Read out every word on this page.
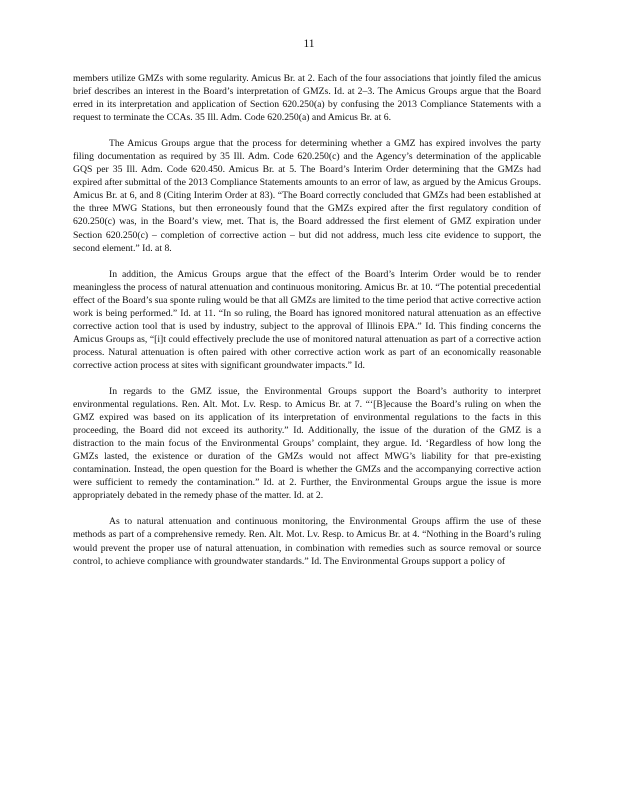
11

members utilize GMZs with some regularity. Amicus Br. at 2. Each of the four associations that jointly filed the amicus brief describes an interest in the Board’s interpretation of GMZs. Id. at 2–3. The Amicus Groups argue that the Board erred in its interpretation and application of Section 620.250(a) by confusing the 2013 Compliance Statements with a request to terminate the CCAs. 35 Ill. Adm. Code 620.250(a) and Amicus Br. at 6.

The Amicus Groups argue that the process for determining whether a GMZ has expired involves the party filing documentation as required by 35 Ill. Adm. Code 620.250(c) and the Agency’s determination of the applicable GQS per 35 Ill. Adm. Code 620.450. Amicus Br. at 5. The Board’s Interim Order determining that the GMZs had expired after submittal of the 2013 Compliance Statements amounts to an error of law, as argued by the Amicus Groups. Amicus Br. at 6, and 8 (Citing Interim Order at 83). “The Board correctly concluded that GMZs had been established at the three MWG Stations, but then erroneously found that the GMZs expired after the first regulatory condition of 620.250(c) was, in the Board’s view, met. That is, the Board addressed the first element of GMZ expiration under Section 620.250(c) – completion of corrective action – but did not address, much less cite evidence to support, the second element.” Id. at 8.

In addition, the Amicus Groups argue that the effect of the Board’s Interim Order would be to render meaningless the process of natural attenuation and continuous monitoring. Amicus Br. at 10. “The potential precedential effect of the Board’s sua sponte ruling would be that all GMZs are limited to the time period that active corrective action work is being performed.” Id. at 11. “In so ruling, the Board has ignored monitored natural attenuation as an effective corrective action tool that is used by industry, subject to the approval of Illinois EPA.” Id. This finding concerns the Amicus Groups as, “[i]t could effectively preclude the use of monitored natural attenuation as part of a corrective action process. Natural attenuation is often paired with other corrective action work as part of an economically reasonable corrective action process at sites with significant groundwater impacts.” Id.

In regards to the GMZ issue, the Environmental Groups support the Board’s authority to interpret environmental regulations. Ren. Alt. Mot. Lv. Resp. to Amicus Br. at 7. “‘[B]ecause the Board’s ruling on when the GMZ expired was based on its application of its interpretation of environmental regulations to the facts in this proceeding, the Board did not exceed its authority.” Id. Additionally, the issue of the duration of the GMZ is a distraction to the main focus of the Environmental Groups’ complaint, they argue. Id. ‘Regardless of how long the GMZs lasted, the existence or duration of the GMZs would not affect MWG’s liability for that pre-existing contamination. Instead, the open question for the Board is whether the GMZs and the accompanying corrective action were sufficient to remedy the contamination.” Id. at 2. Further, the Environmental Groups argue the issue is more appropriately debated in the remedy phase of the matter. Id. at 2.

As to natural attenuation and continuous monitoring, the Environmental Groups affirm the use of these methods as part of a comprehensive remedy. Ren. Alt. Mot. Lv. Resp. to Amicus Br. at 4. “Nothing in the Board’s ruling would prevent the proper use of natural attenuation, in combination with remedies such as source removal or source control, to achieve compliance with groundwater standards.” Id. The Environmental Groups support a policy of
